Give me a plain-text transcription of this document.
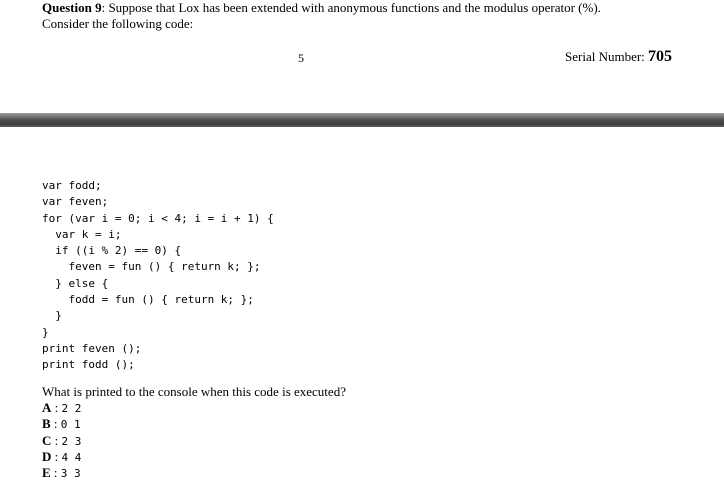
Question 9: Suppose that Lox has been extended with anonymous functions and the modulus operator (%).
Consider the following code:
5	Serial Number: 705
var fodd;
var feven;
for (var i = 0; i < 4; i = i + 1) {
var k = i;
if ((i % 2) == 0) {
feven = fun () { return k; };
} else {
fodd = fun () { return k; };
}
}
print feven ();
print fodd ();
What is printed to the console when this code is executed?
A : 2 2
B : 0 1
C : 2 3
D : 4 4
E : 3 3
